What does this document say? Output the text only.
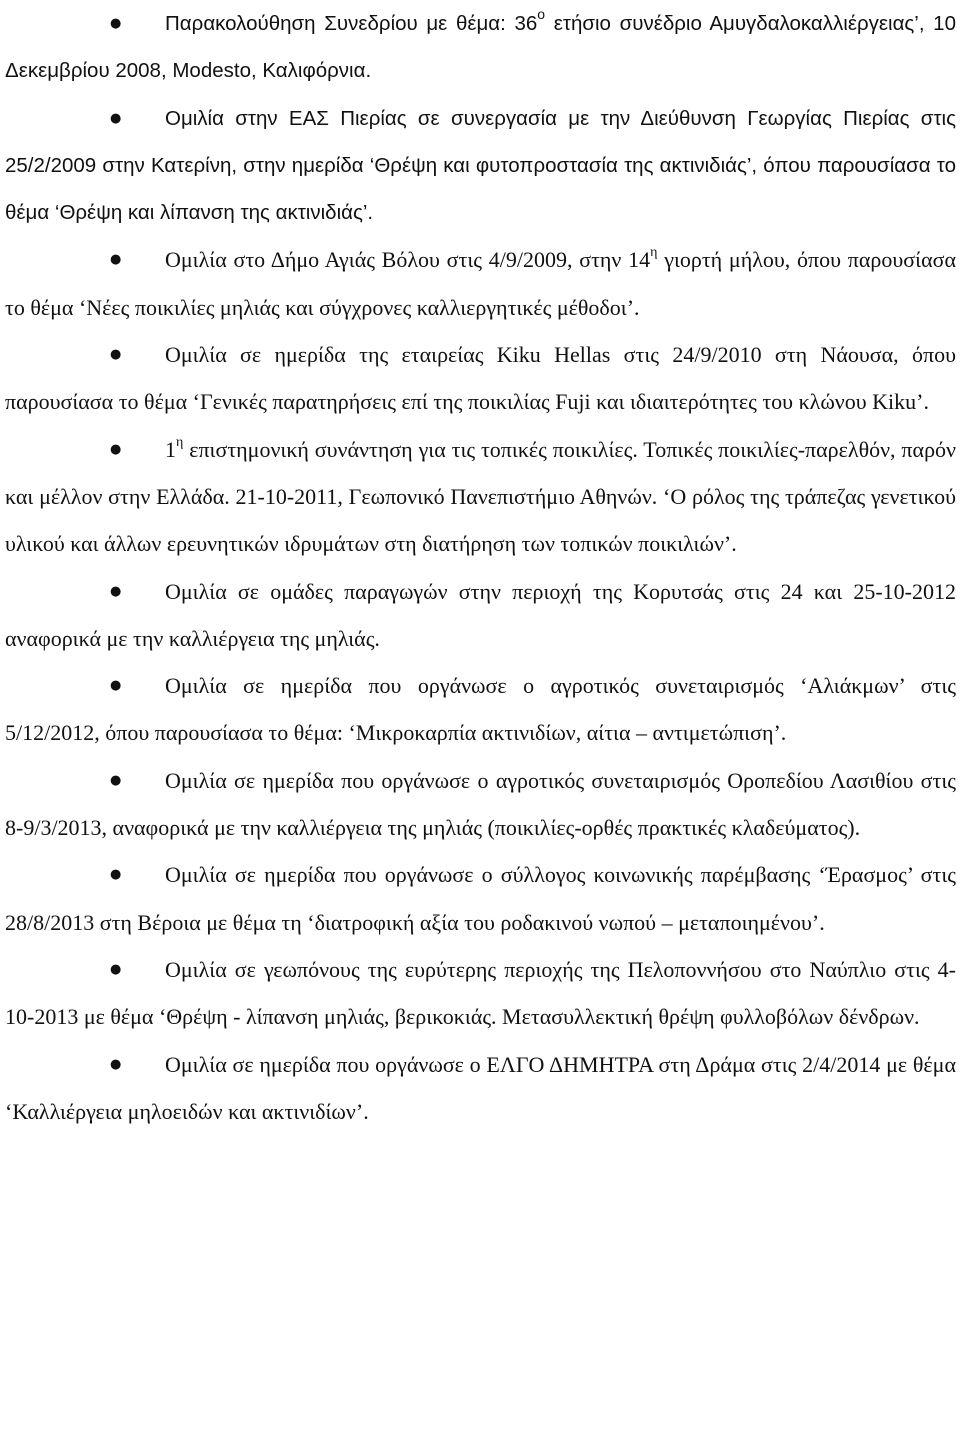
●	Παρακολούθηση Συνεδρίου με θέμα: $36^o$ ετήσιο συνέδριο Αμυγδαλοκαλλιέργειας’, 10 Δεκεμβρίου 2008, Modesto, Καλιφόρνια.

●	Ομιλία στην ΕΑΣ Πιερίας σε συνεργασία με την Διεύθυνση Γεωργίας Πιερίας στις 25/2/2009 στην Κατερίνη, στην ημερίδα ‘Θρέψη και φυτοπροστασία της ακτινιδιάς’, όπου παρουσίασα το θέμα ‘Θρέψη και λίπανση της ακτινιδιάς’.

●	Ομιλία στο Δήμο Αγιάς Βόλου στις 4/9/2009, στην $14^\eta$ γιορτή μήλου, όπου παρουσίασα το θέμα ‘Νέες ποικιλίες μηλιάς και σύγχρονες καλλιεργητικές μέθοδοι’.

●	Ομιλία σε ημερίδα της εταιρείας Kiku Hellas στις 24/9/2010 στη Νάουσα, όπου παρουσίασα το θέμα ‘Γενικές παρατηρήσεις επί της ποικιλίας Fuji και ιδιαιτερότητες του κλώνου Kiku’.

●	$1^\eta$ επιστημονική συνάντηση για τις τοπικές ποικιλίες. Τοπικές ποικιλίες-παρελθόν, παρόν και μέλλον στην Ελλάδα. 21-10-2011, Γεωπονικό Πανεπιστήμιο Αθηνών. ‘Ο ρόλος της τράπεζας γενετικού υλικού και άλλων ερευνητικών ιδρυμάτων στη διατήρηση των τοπικών ποικιλιών’.

●	Ομιλία σε ομάδες παραγωγών στην περιοχή της Κορυτσάς στις 24 και 25-10-2012 αναφορικά με την καλλιέργεια της μηλιάς.

●	Ομιλία σε ημερίδα που οργάνωσε ο αγροτικός συνεταιρισμός ‘Αλιάκμων’ στις 5/12/2012, όπου παρουσίασα το θέμα: ‘Μικροκαρπία ακτινιδίων, αίτια – αντιμετώπιση’.

●	Ομιλία σε ημερίδα που οργάνωσε ο αγροτικός συνεταιρισμός Οροπεδίου Λασιθίου στις 8-9/3/2013, αναφορικά με την καλλιέργεια της μηλιάς (ποικιλίες-ορθές πρακτικές κλαδεύματος).

●	Ομιλία σε ημερίδα που οργάνωσε ο σύλλογος κοινωνικής παρέμβασης ‘Έρασμος’ στις 28/8/2013 στη Βέροια με θέμα τη ‘διατροφική αξία του ροδακινού νωπού – μεταποιημένου’.

●	Ομιλία σε γεωπόνους της ευρύτερης περιοχής της Πελοποννήσου στο Ναύπλιο στις 4-10-2013 με θέμα ‘Θρέψη - λίπανση μηλιάς, βερικοκιάς. Μετασυλλεκτική θρέψη φυλλοβόλων δένδρων.

●	Ομιλία σε ημερίδα που οργάνωσε ο ΕΛΓΟ ΔΗΜΗΤΡΑ στη Δράμα στις 2/4/2014 με θέμα ‘Καλλιέργεια μηλοειδών και ακτινιδίων’.
